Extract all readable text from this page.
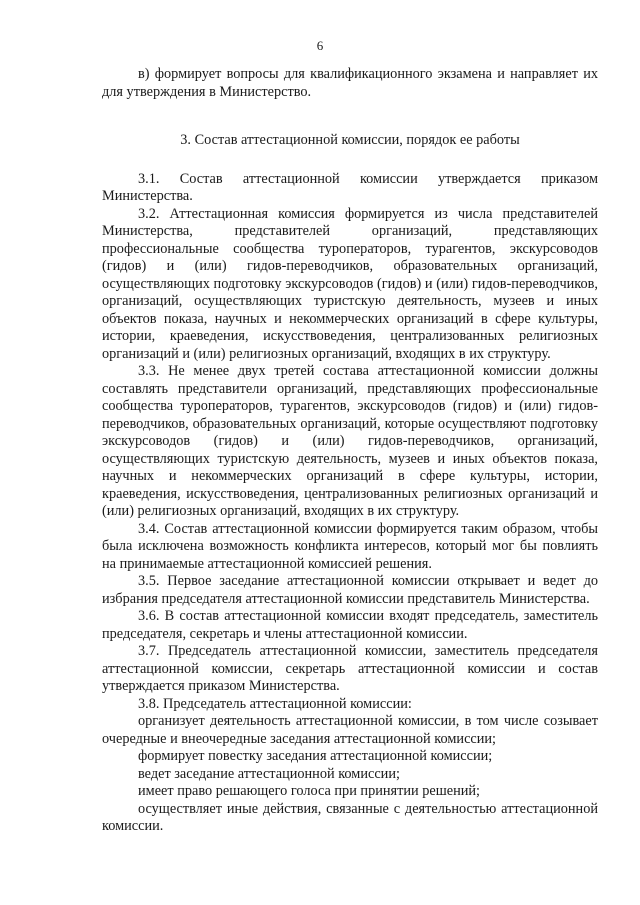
6

в) формирует вопросы для квалификационного экзамена и направляет их для утверждения в Министерство.

3. Состав аттестационной комиссии, порядок ее работы

3.1. Состав аттестационной комиссии утверждается приказом Министерства.

3.2. Аттестационная комиссия формируется из числа представителей Министерства, представителей организаций, представляющих профессиональные сообщества туроператоров, турагентов, экскурсоводов (гидов) и (или) гидов-переводчиков, образовательных организаций, осуществляющих подготовку экскурсоводов (гидов) и (или) гидов-переводчиков, организаций, осуществляющих туристскую деятельность, музеев и иных объектов показа, научных и некоммерческих организаций в сфере культуры, истории, краеведения, искусствоведения, централизованных религиозных организаций и (или) религиозных организаций, входящих в их структуру.

3.3. Не менее двух третей состава аттестационной комиссии должны составлять представители организаций, представляющих профессиональные сообщества туроператоров, турагентов, экскурсоводов (гидов) и (или) гидов-переводчиков, образовательных организаций, которые осуществляют подготовку экскурсоводов (гидов) и (или) гидов-переводчиков, организаций, осуществляющих туристскую деятельность, музеев и иных объектов показа, научных и некоммерческих организаций в сфере культуры, истории, краеведения, искусствоведения, централизованных религиозных организаций и (или) религиозных организаций, входящих в их структуру.

3.4. Состав аттестационной комиссии формируется таким образом, чтобы была исключена возможность конфликта интересов, который мог бы повлиять на принимаемые аттестационной комиссией решения.

3.5. Первое заседание аттестационной комиссии открывает и ведет до избрания председателя аттестационной комиссии представитель Министерства.

3.6. В состав аттестационной комиссии входят председатель, заместитель председателя, секретарь и члены аттестационной комиссии.

3.7. Председатель аттестационной комиссии, заместитель председателя аттестационной комиссии, секретарь аттестационной комиссии и состав утверждается приказом Министерства.

3.8. Председатель аттестационной комиссии:

организует деятельность аттестационной комиссии, в том числе созывает очередные и внеочередные заседания аттестационной комиссии;

формирует повестку заседания аттестационной комиссии;

ведет заседание аттестационной комиссии;

имеет право решающего голоса при принятии решений;

осуществляет иные действия, связанные с деятельностью аттестационной комиссии.
